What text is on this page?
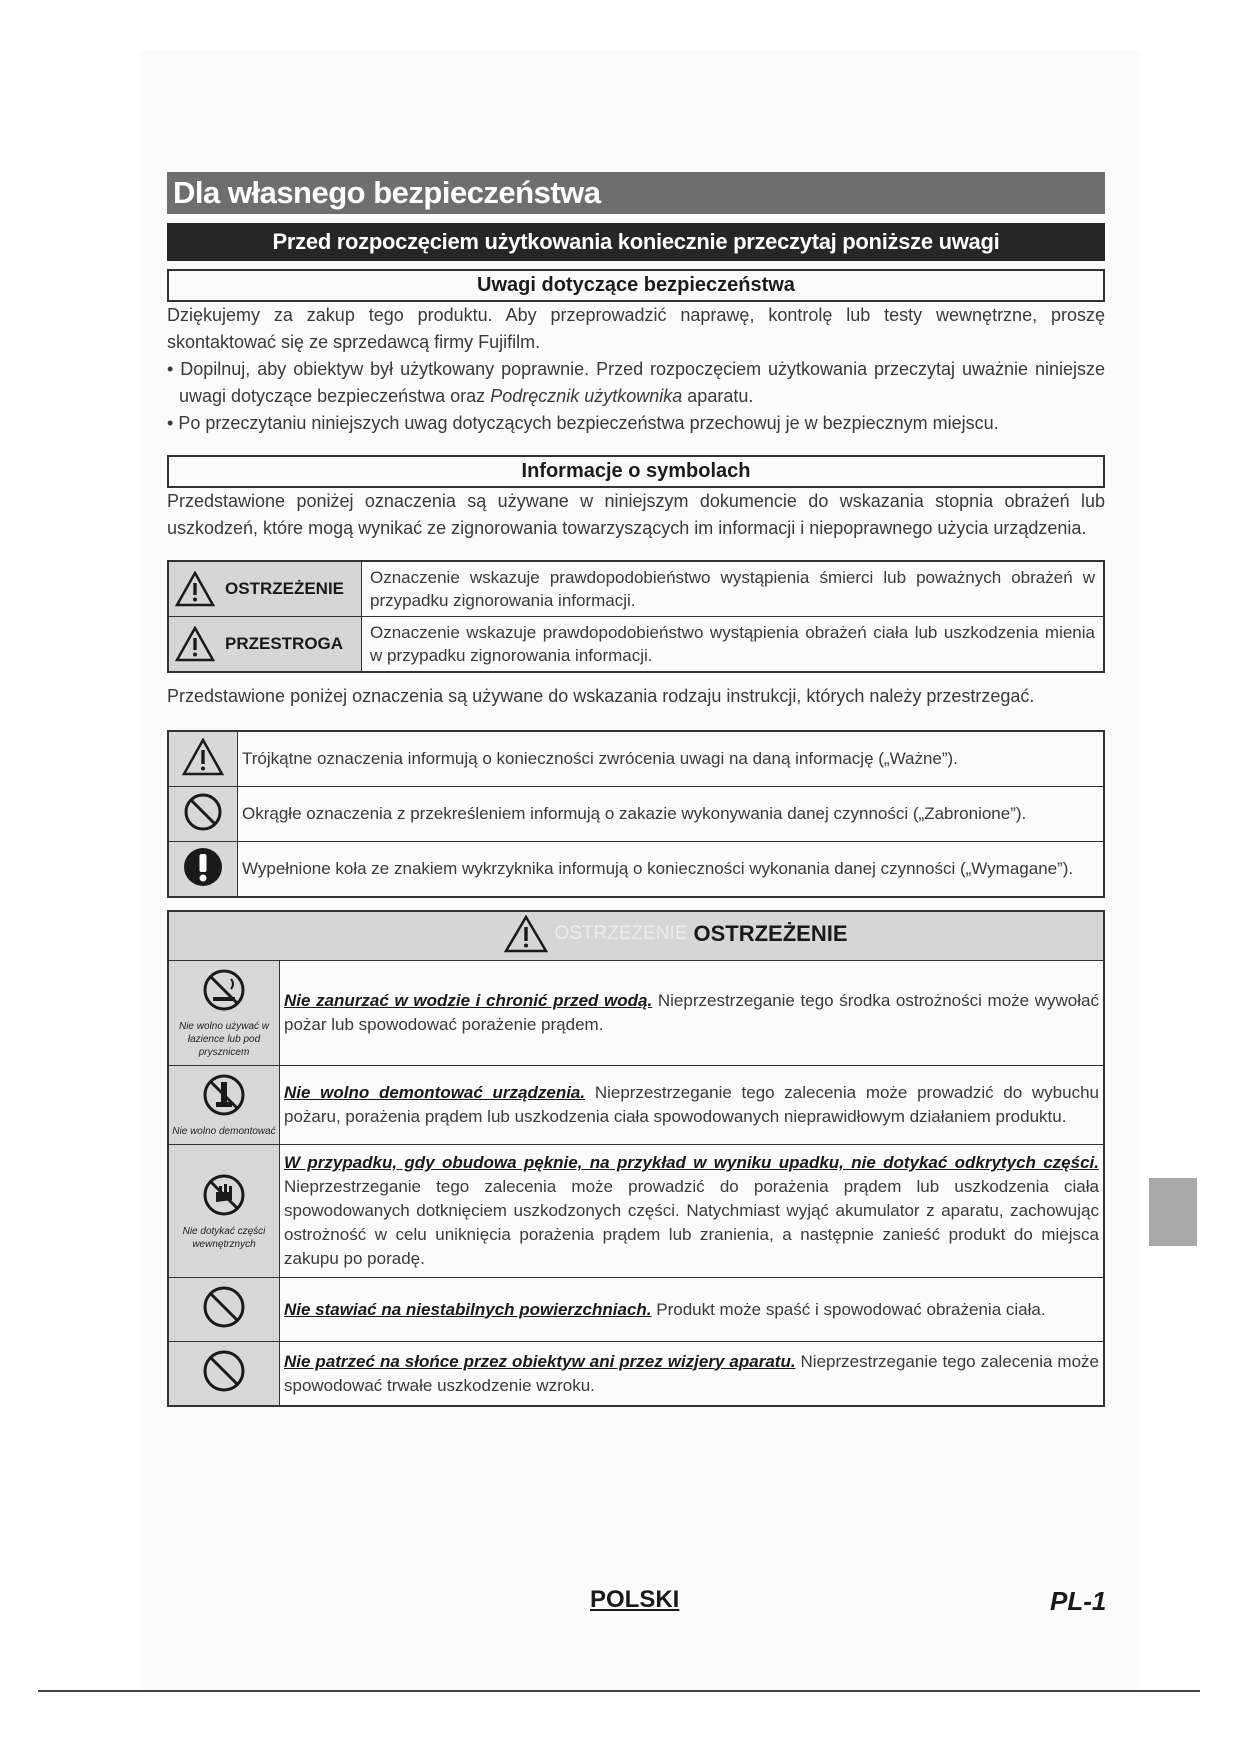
Dla własnego bezpieczeństwa
Przed rozpoczęciem użytkowania koniecznie przeczytaj poniższe uwagi
Uwagi dotyczące bezpieczeństwa

Dziękujemy za zakup tego produktu. Aby przeprowadzić naprawę, kontrolę lub testy wewnętrzne, proszę skontaktować się ze sprzedawcą firmy Fujifilm.

• Dopilnuj, aby obiektyw był użytkowany poprawnie. Przed rozpoczęciem użytkowania przeczytaj uważnie niniejsze uwagi dotyczące bezpieczeństwa oraz Podręcznik użytkownika aparatu.

• Po przeczytaniu niniejszych uwag dotyczących bezpieczeństwa przechowuj je w bezpiecznym miejscu.

Informacje o symbolach

Przedstawione poniżej oznaczenia są używane w niniejszym dokumencie do wskazania stopnia obrażeń lub uszkodzeń, które mogą wynikać ze zignorowania towarzyszących im informacji i niepoprawnego użycia urządzenia.

OSTRZEŻENIE	Oznaczenie wskazuje prawdopodobieństwo wystąpienia śmierci lub poważnych obrażeń w przypadku zignorowania informacji.

PRZESTROGA	Oznaczenie wskazuje prawdopodobieństwo wystąpienia obrażeń ciała lub uszkodzenia mienia w przypadku zignorowania informacji.

Przedstawione poniżej oznaczenia są używane do wskazania rodzaju instrukcji, których należy przestrzegać.

	Trójkątne oznaczenia informują o konieczności zwrócenia uwagi na daną informację („Ważne”).
	Okrągłe oznaczenia z przekreśleniem informują o zakazie wykonywania danej czynności („Zabronione”).
	Wypełnione koła ze znakiem wykrzyknika informują o konieczności wykonania danej czynności („Wymagane”).
OSTRZEŻENIE OSTRZEŻENIE	

Nie wolno używać w łazience lub pod prysznicem	Nie zanurzać w wodzie i chronić przed wodą. Nieprzestrzeganie tego środka ostrożności może wywołać pożar lub spowodować porażenie prądem.

Nie wolno demontować	Nie wolno demontować urządzenia. Nieprzestrzeganie tego zalecenia może prowadzić do wybuchu pożaru, porażenia prądem lub uszkodzenia ciała spowodowanych nieprawidłowym działaniem produktu.

Nie dotykać części wewnętrznych	W przypadku, gdy obudowa pęknie, na przykład w wyniku upadku, nie dotykać odkrytych części. Nieprzestrzeganie tego zalecenia może prowadzić do porażenia prądem lub uszkodzenia ciała spowodowanych dotknięciem uszkodzonych części. Natychmiast wyjąć akumulator z aparatu, zachowując ostrożność w celu uniknięcia porażenia prądem lub zranienia, a następnie zanieść produkt do miejsca zakupu po poradę.
	Nie stawiać na niestabilnych powierzchniach. Produkt może spaść i spowodować obrażenia ciała.
	Nie patrzeć na słońce przez obiektyw ani przez wizjery aparatu. Nieprzestrzeganie tego zalecenia może spowodować trwałe uszkodzenie wzroku.
POLSKI	PL-1
